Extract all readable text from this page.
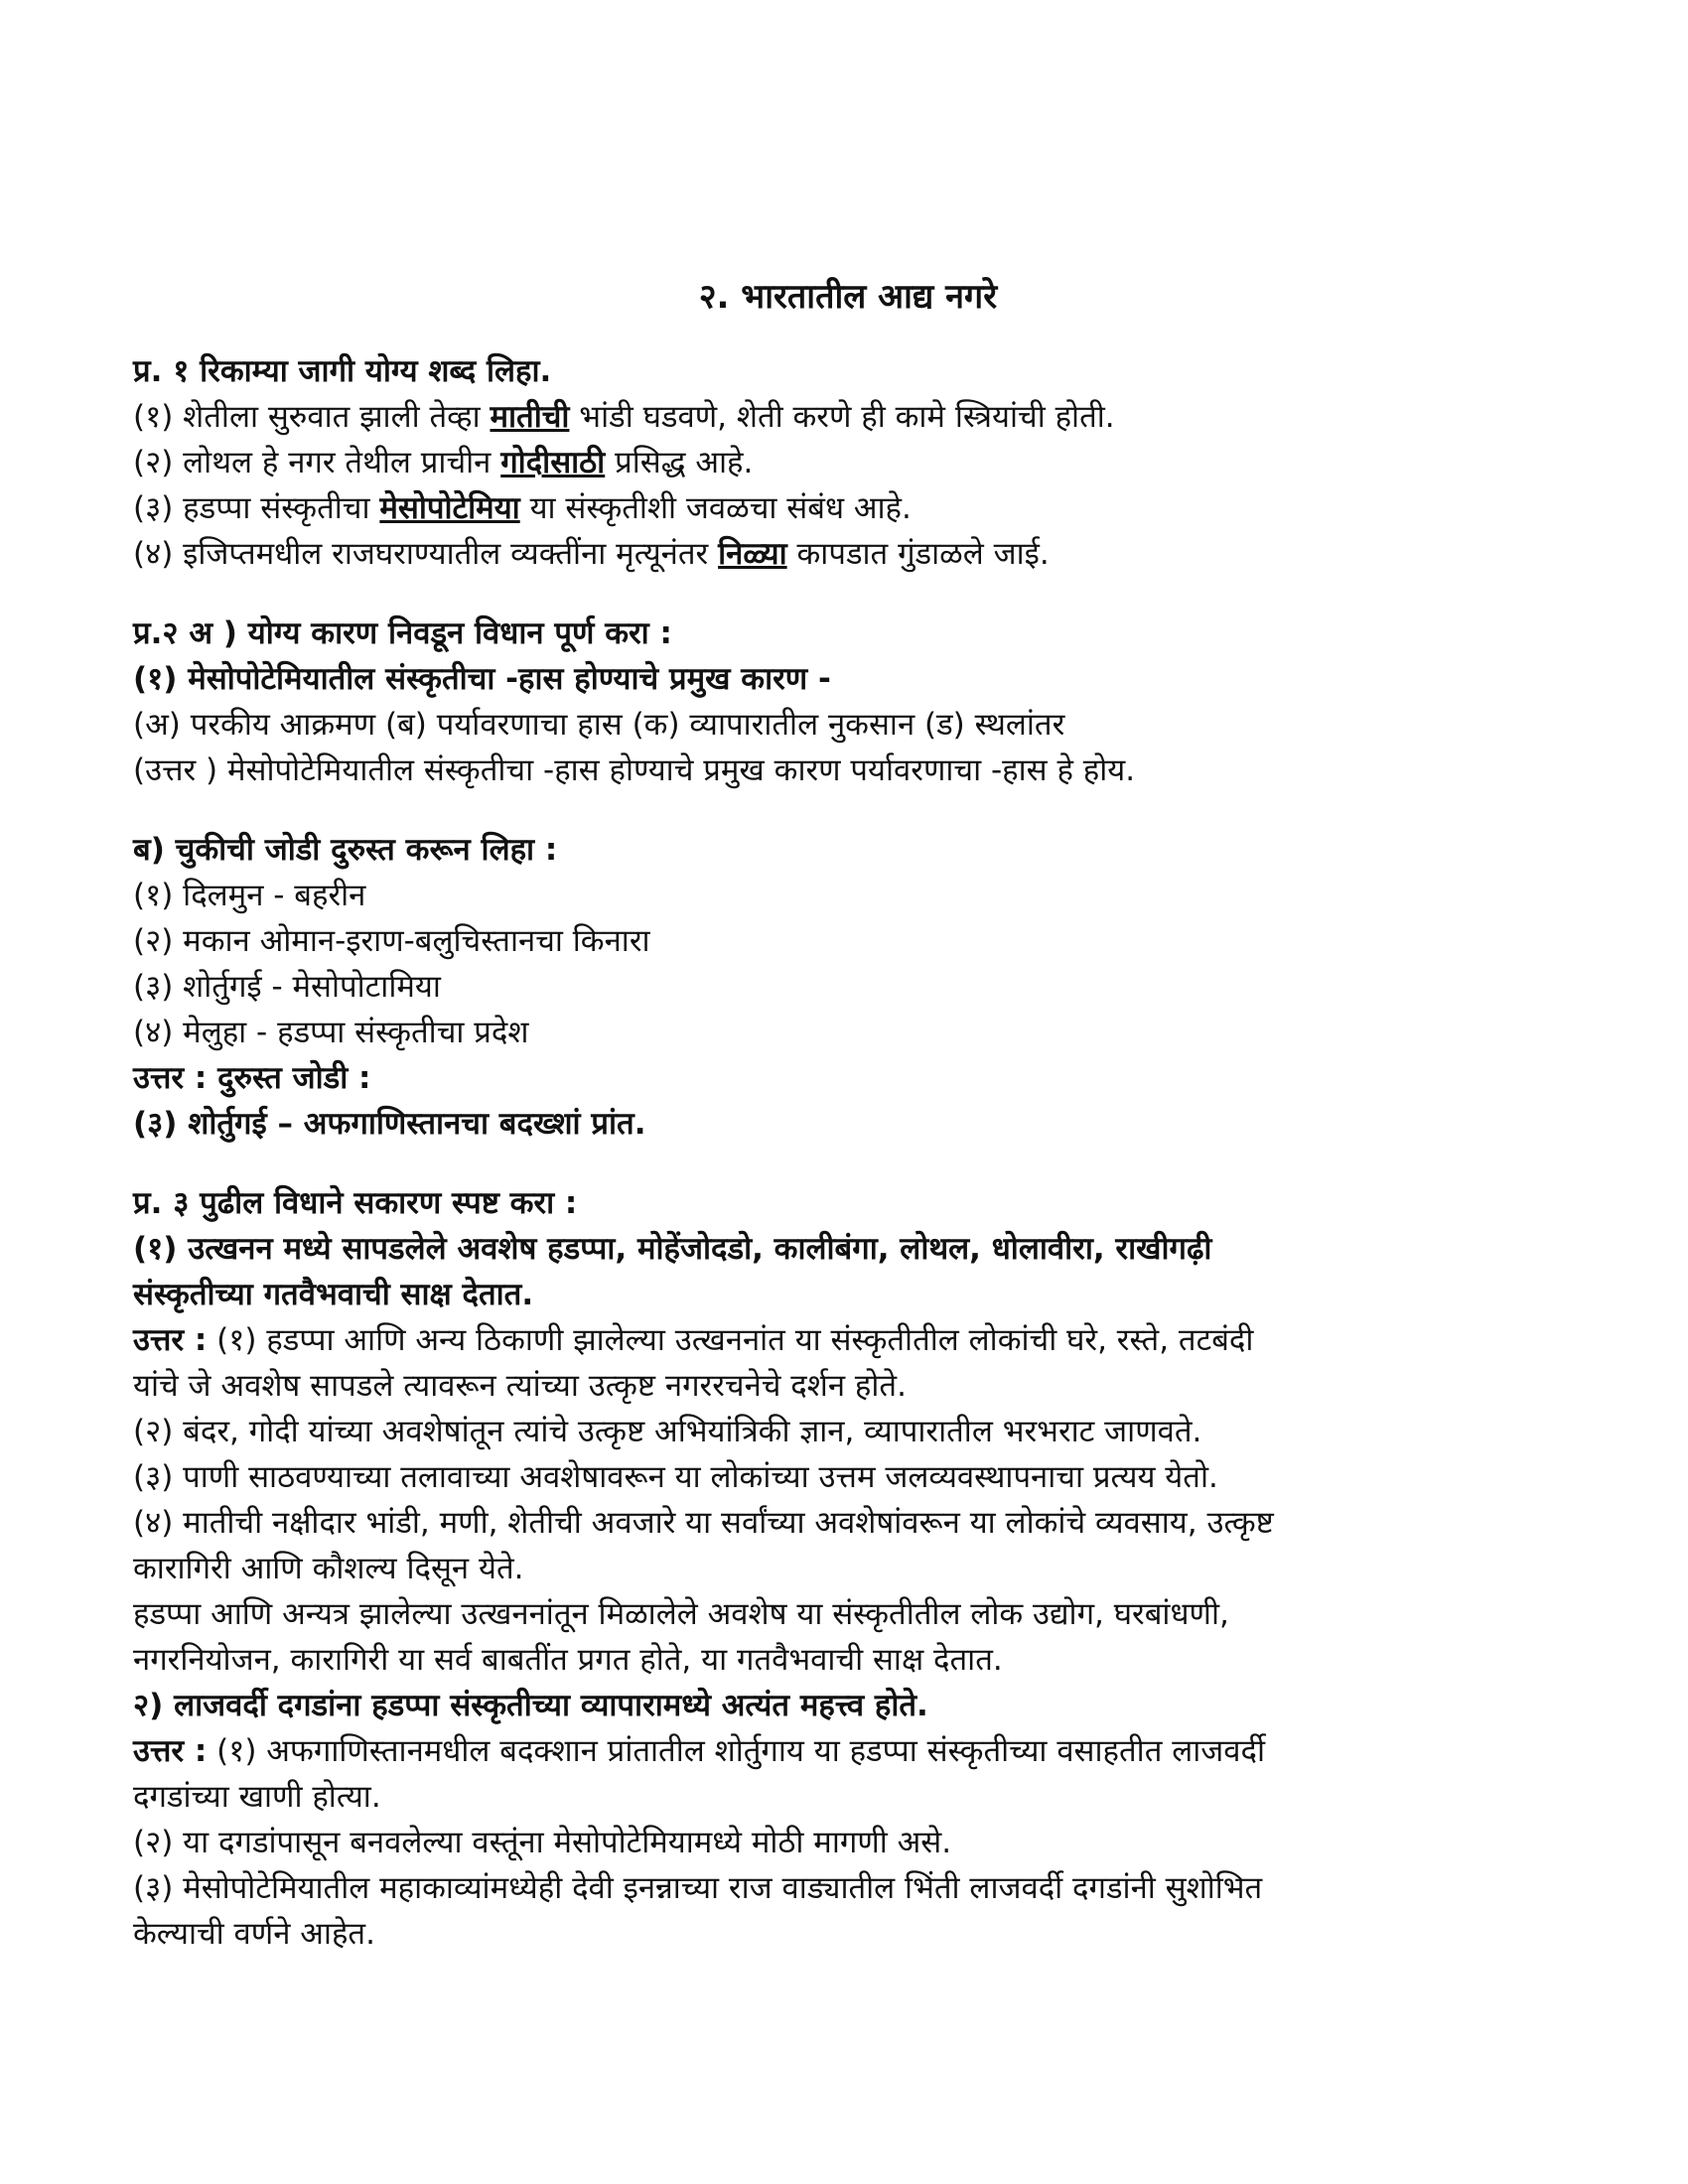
२. भारतातील आद्य नगरे
प्र. १ रिकाम्या जागी योग्य शब्द लिहा.
(१) शेतीला सुरुवात झाली तेव्हा मातीची भांडी घडवणे, शेती करणे ही कामे स्त्रियांची होती.
(२) लोथल हे नगर तेथील प्राचीन गोदीसाठी प्रसिद्ध आहे.
(३) हडप्पा संस्कृतीचा मेसोपोटेमिया या संस्कृतीशी जवळचा संबंध आहे.
(४) इजिप्तमधील राजघराण्यातील व्यक्तींना मृत्यूनंतर निळ्या कापडात गुंडाळले जाई.
प्र.२ अ ) योग्य कारण निवडून विधान पूर्ण करा :
(१) मेसोपोटेमियातील संस्कृतीचा -हास होण्याचे प्रमुख कारण -
(अ) परकीय आक्रमण (ब) पर्यावरणाचा हास (क) व्यापारातील नुकसान (ड) स्थलांतर
(उत्तर ) मेसोपोटेमियातील संस्कृतीचा -हास होण्याचे प्रमुख कारण पर्यावरणाचा -हास हे होय.
ब) चुकीची जोडी दुरुस्त करून लिहा :
(१) दिलमुन - बहरीन
(२) मकान ओमान-इराण-बलुचिस्तानचा किनारा
(३) शोर्तुगई - मेसोपोटामिया
(४) मेलुहा - हडप्पा संस्कृतीचा प्रदेश
उत्तर : दुरुस्त जोडी :
(३) शोर्तुगई – अफगाणिस्तानचा बदख्शां प्रांत.
प्र. ३ पुढील विधाने सकारण स्पष्ट करा :
(१) उत्खनन मध्ये सापडलेले अवशेष हडप्पा, मोहेंजोदडो, कालीबंगा, लोथल, धोलावीरा, राखीगढ़ी
संस्कृतीच्या गतवैभवाची साक्ष देतात.
उत्तर : (१) हडप्पा आणि अन्य ठिकाणी झालेल्या उत्खननांत या संस्कृतीतील लोकांची घरे, रस्ते, तटबंदी
यांचे जे अवशेष सापडले त्यावरून त्यांच्या उत्कृष्ट नगररचनेचे दर्शन होते.
(२) बंदर, गोदी यांच्या अवशेषांतून त्यांचे उत्कृष्ट अभियांत्रिकी ज्ञान, व्यापारातील भरभराट जाणवते.
(३) पाणी साठवण्याच्या तलावाच्या अवशेषावरून या लोकांच्या उत्तम जलव्यवस्थापनाचा प्रत्यय येतो.
(४) मातीची नक्षीदार भांडी, मणी, शेतीची अवजारे या सर्वांच्या अवशेषांवरून या लोकांचे व्यवसाय, उत्कृष्ट
कारागिरी आणि कौशल्य दिसून येते.
हडप्पा आणि अन्यत्र झालेल्या उत्खननांतून मिळालेले अवशेष या संस्कृतीतील लोक उद्योग, घरबांधणी,
नगरनियोजन, कारागिरी या सर्व बाबतींत प्रगत होते, या गतवैभवाची साक्ष देतात.
२) लाजवर्दी दगडांना हडप्पा संस्कृतीच्या व्यापारामध्ये अत्यंत महत्त्व होते.
उत्तर : (१) अफगाणिस्तानमधील बदक्शान प्रांतातील शोर्तुगाय या हडप्पा संस्कृतीच्या वसाहतीत लाजवर्दी
दगडांच्या खाणी होत्या.
(२) या दगडांपासून बनवलेल्या वस्तूंना मेसोपोटेमियामध्ये मोठी मागणी असे.
(३) मेसोपोटेमियातील महाकाव्यांमध्येही देवी इनन्नाच्या राज वाड्यातील भिंती लाजवर्दी दगडांनी सुशोभित
केल्याची वर्णने आहेत.
